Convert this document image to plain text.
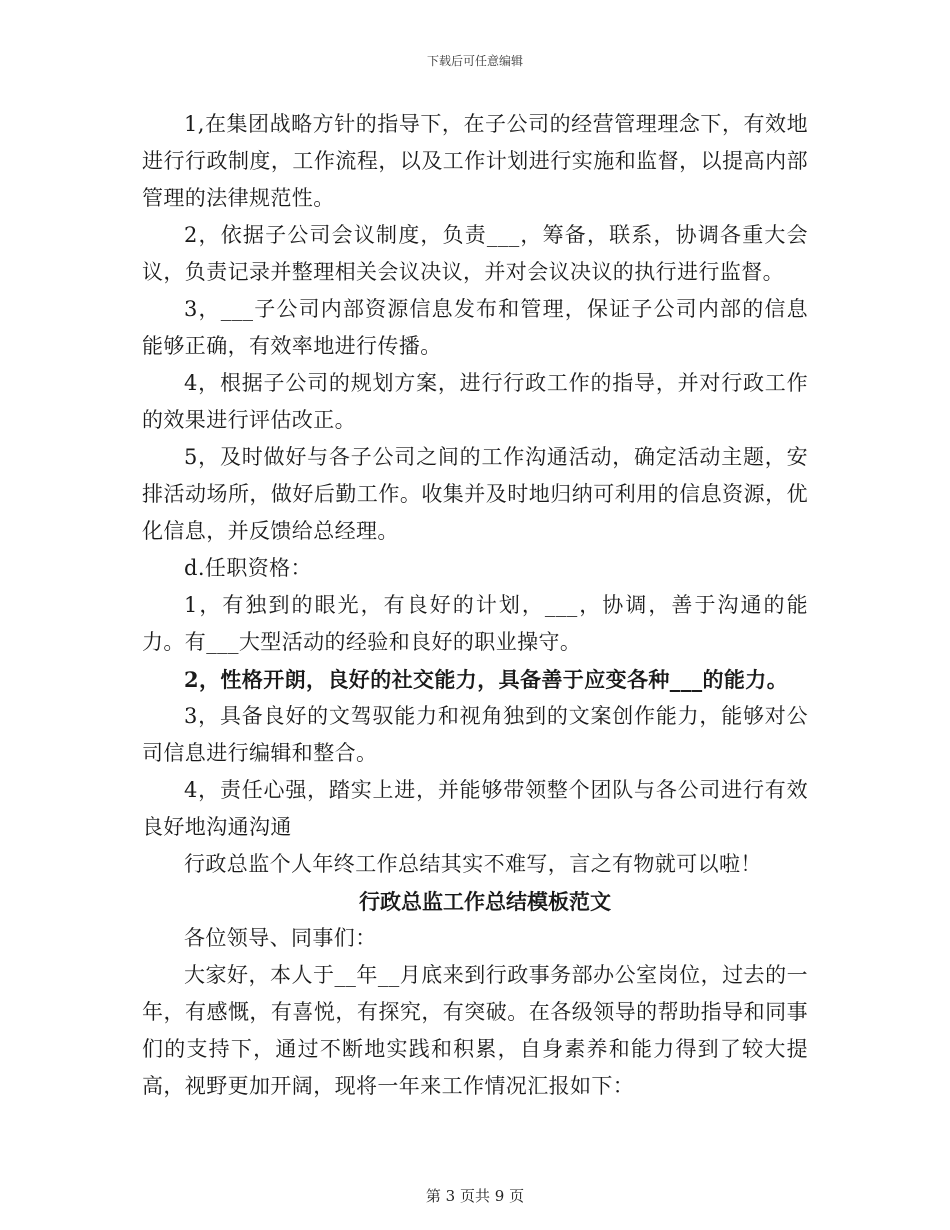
下载后可任意编辑

1,在集团战略方针的指导下，在子公司的经营管理理念下，有效地进行行政制度，工作流程，以及工作计划进行实施和监督，以提高内部管理的法律规范性。

2，依据子公司会议制度，负责___，筹备，联系，协调各重大会议，负责记录并整理相关会议决议，并对会议决议的执行进行监督。

3，___子公司内部资源信息发布和管理，保证子公司内部的信息能够正确，有效率地进行传播。

4，根据子公司的规划方案，进行行政工作的指导，并对行政工作的效果进行评估改正。

5，及时做好与各子公司之间的工作沟通活动，确定活动主题，安排活动场所，做好后勤工作。收集并及时地归纳可利用的信息资源，优化信息，并反馈给总经理。

d.任职资格：

1，有独到的眼光，有良好的计划，___，协调，善于沟通的能力。有___大型活动的经验和良好的职业操守。

2，性格开朗，良好的社交能力，具备善于应变各种___的能力。

3，具备良好的文驾驭能力和视角独到的文案创作能力，能够对公司信息进行编辑和整合。

4，责任心强，踏实上进，并能够带领整个团队与各公司进行有效良好地沟通沟通

行政总监个人年终工作总结其实不难写，言之有物就可以啦！

行政总监工作总结模板范文

各位领导、同事们：

大家好，本人于__年__月底来到行政事务部办公室岗位，过去的一年，有感慨，有喜悦，有探究，有突破。在各级领导的帮助指导和同事们的支持下，通过不断地实践和积累，自身素养和能力得到了较大提高，视野更加开阔，现将一年来工作情况汇报如下：

第 3 页共 9 页
